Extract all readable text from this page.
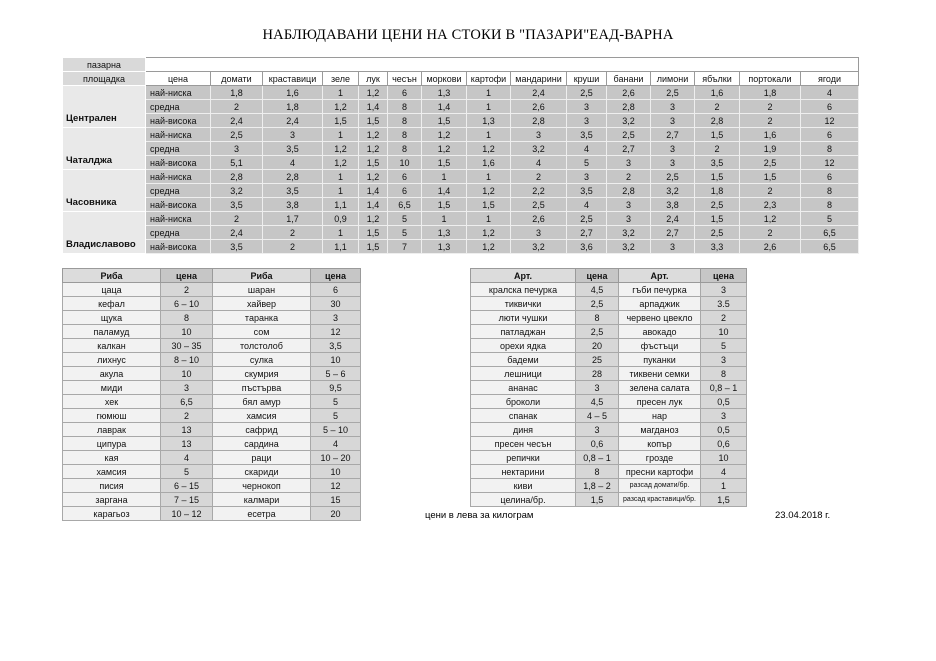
НАБЛЮДАВАНИ ЦЕНИ НА СТОКИ В "ПАЗАРИ"ЕАД-ВАРНА
пазарна															
площадка	цена	домати	краставици	зеле	лук	чесън	моркови	картофи	мандарини	круши	банани	лимони	ябълки	портокали	ягоди
Централен	най-ниска	1,8	1,6	1	1,2	6	1,3	1	2,4	2,5	2,6	2,5	1,6	1,8	4
	средна	2	1,8	1,2	1,4	8	1,4	1	2,6	3	2,8	3	2	2	6
	най-висока	2,4	2,4	1,5	1,5	8	1,5	1,3	2,8	3	3,2	3	2,8	2	12
Чаталджа	най-ниска	2,5	3	1	1,2	8	1,2	1	3	3,5	2,5	2,7	1,5	1,6	6
	средна	3	3,5	1,2	1,2	8	1,2	1,2	3,2	4	2,7	3	2	1,9	8
	най-висока	5,1	4	1,2	1,5	10	1,5	1,6	4	5	3	3	3,5	2,5	12
Часовника	най-ниска	2,8	2,8	1	1,2	6	1	1	2	3	2	2,5	1,5	1,5	6
	средна	3,2	3,5	1	1,4	6	1,4	1,2	2,2	3,5	2,8	3,2	1,8	2	8
	най-висока	3,5	3,8	1,1	1,4	6,5	1,5	1,5	2,5	4	3	3,8	2,5	2,3	8
Владиславово	най-ниска	2	1,7	0,9	1,2	5	1	1	2,6	2,5	3	2,4	1,5	1,2	5
	средна	2,4	2	1	1,5	5	1,3	1,2	3	2,7	3,2	2,7	2,5	2	6,5
	най-висока	3,5	2	1,1	1,5	7	1,3	1,2	3,2	3,6	3,2	3	3,3	2,6	6,5
Риба	цена	Риба	цена
цаца	2	шаран	6
кефал	6 – 10	хайвер	30
щука	8	таранка	3
паламуд	10	сом	12
калкан	30 – 35	толстолоб	3,5
лихнус	8 – 10	сулка	10
акула	10	скумрия	5 – 6
миди	3	пъстърва	9,5
хек	6,5	бял амур	5
гюмюш	2	хамсия	5
лаврак	13	сафрид	5 – 10
ципура	13	сардина	4
кая	4	раци	10 – 20
хамсия	5	скариди	10
писия	6 – 15	чернокоп	12
заргана	7 – 15	калмари	15
карагьоз	10 – 12	есетра	20
Арт.	цена	Арт.	цена
кралска печурка	4,5	гъби печурка	3
тиквички	2,5	арпаджик	3.5
люти чушки	8	червено цвекло	2
патладжан	2,5	авокадо	10
орехи ядка	20	фъстъци	5
бадеми	25	пуканки	3
лешници	28	тиквени семки	8
ананас	3	зелена салата	0,8 – 1
броколи	4,5	пресен лук	0,5
спанак	4 – 5	нар	3
диня	3	магданоз	0,5
пресен чесън	0,6	копър	0,6
репички	0,8 – 1	грозде	10
нектарини	8	пресни картофи	4
киви	1,8 – 2	разсад домати/бр.	1
целина/бр.	1,5	разсад краставици/бр.	1,5
цени в лева за килограм	23.04.2018 г.
